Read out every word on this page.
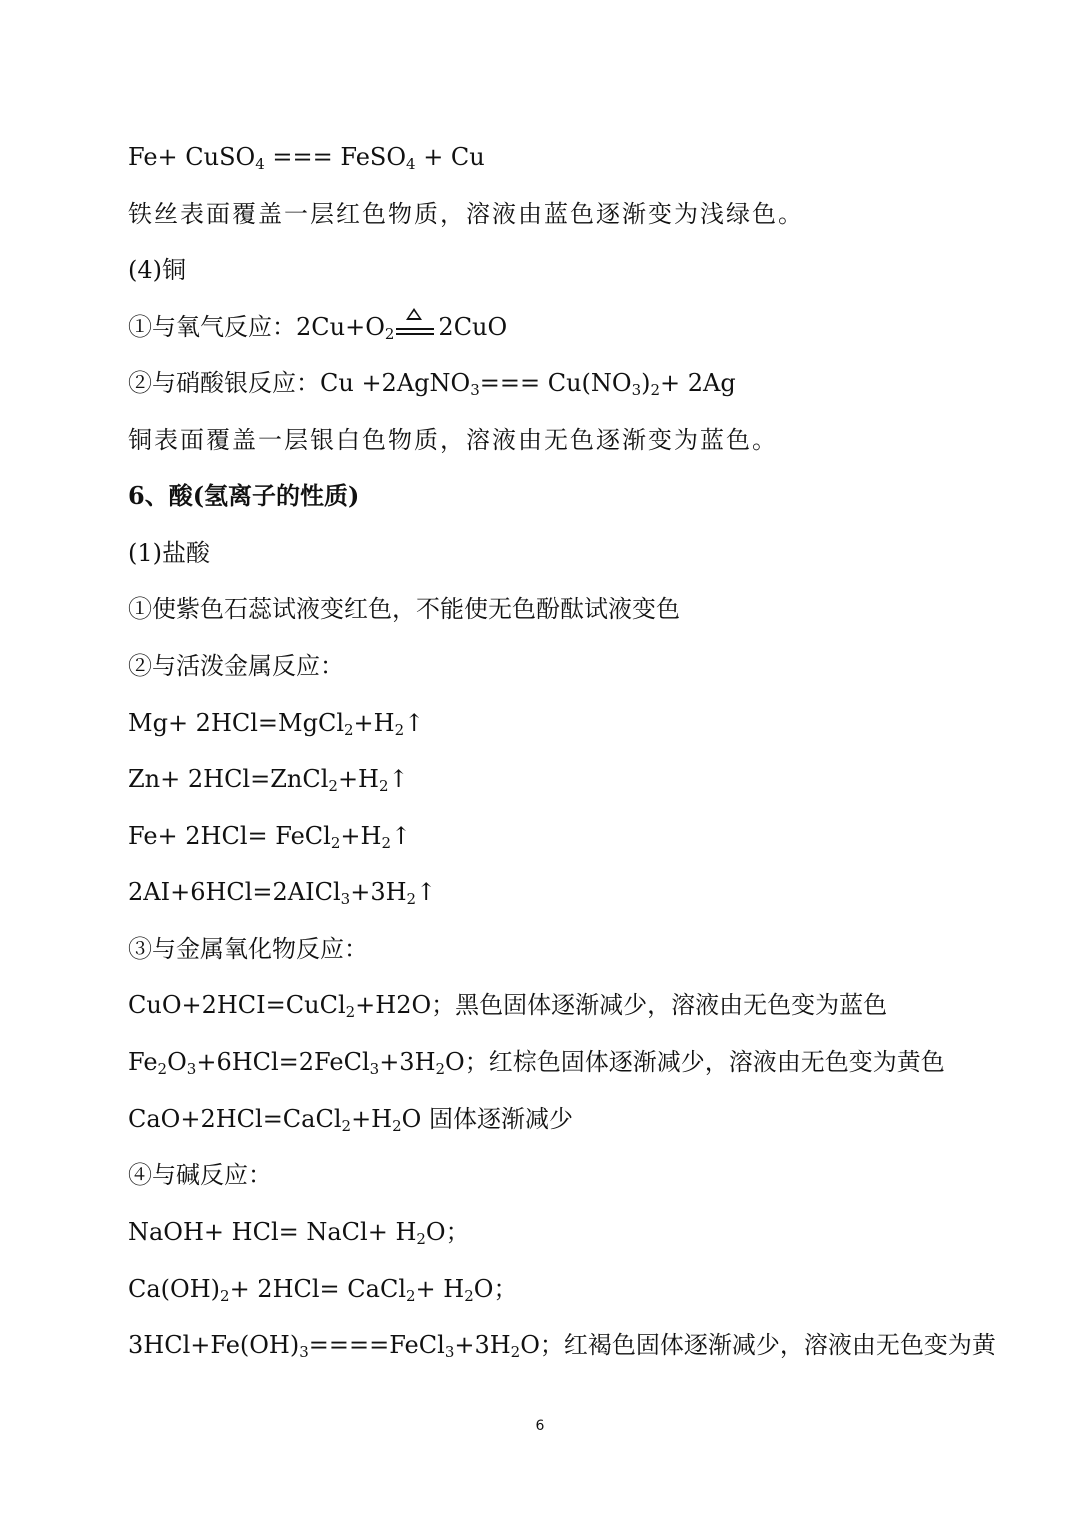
Fe+ CuSO$_4$ === FeSO$_4$ + Cu
铁丝表面覆盖一层红色物质，溶液由蓝色逐渐变为浅绿色。
(4)铜
①与氧气反应：$2Cu+O_2$ 2CuO
②与硝酸银反应：Cu +2AgNO$_3$=== $Cu(NO_3)_2+ 2Ag$
铜表面覆盖一层银白色物质，溶液由无色逐渐变为蓝色。
6、酸(氢离子的性质)
(1)盐酸
①使紫色石蕊试液变红色，不能使无色酚酞试液变色
②与活泼金属反应：
$Mg+ 2HCl=MgCl_2+H_2↑$
$Zn+ 2HCl=ZnCl_2+H_2↑$
$Fe+ 2HCl= FeCl_2+H_2↑$
$2AI+6HCl=2AICl_3+3H_2↑$
③与金属氧化物反应：
CuO+2HCI=CuCl$_2$+H2O；黑色固体逐渐减少，溶液由无色变为蓝色
$Fe_2O_3+6HCl=2FeCl_3+3H_2O$；红棕色固体逐渐减少，溶液由无色变为黄色
$CaO+2HCl=CaCl_2+H_2O$ 固体逐渐减少
④与碱反应：
NaOH+ HCl= NaCl+ $H_2O$；
$Ca(OH)_2+ 2HCl=$ CaCl$_2$+ $H_2O$；
$3HCl+Fe(OH)_3====FeCl_3+3H_2O$；红褐色固体逐渐减少，溶液由无色变为黄
6
